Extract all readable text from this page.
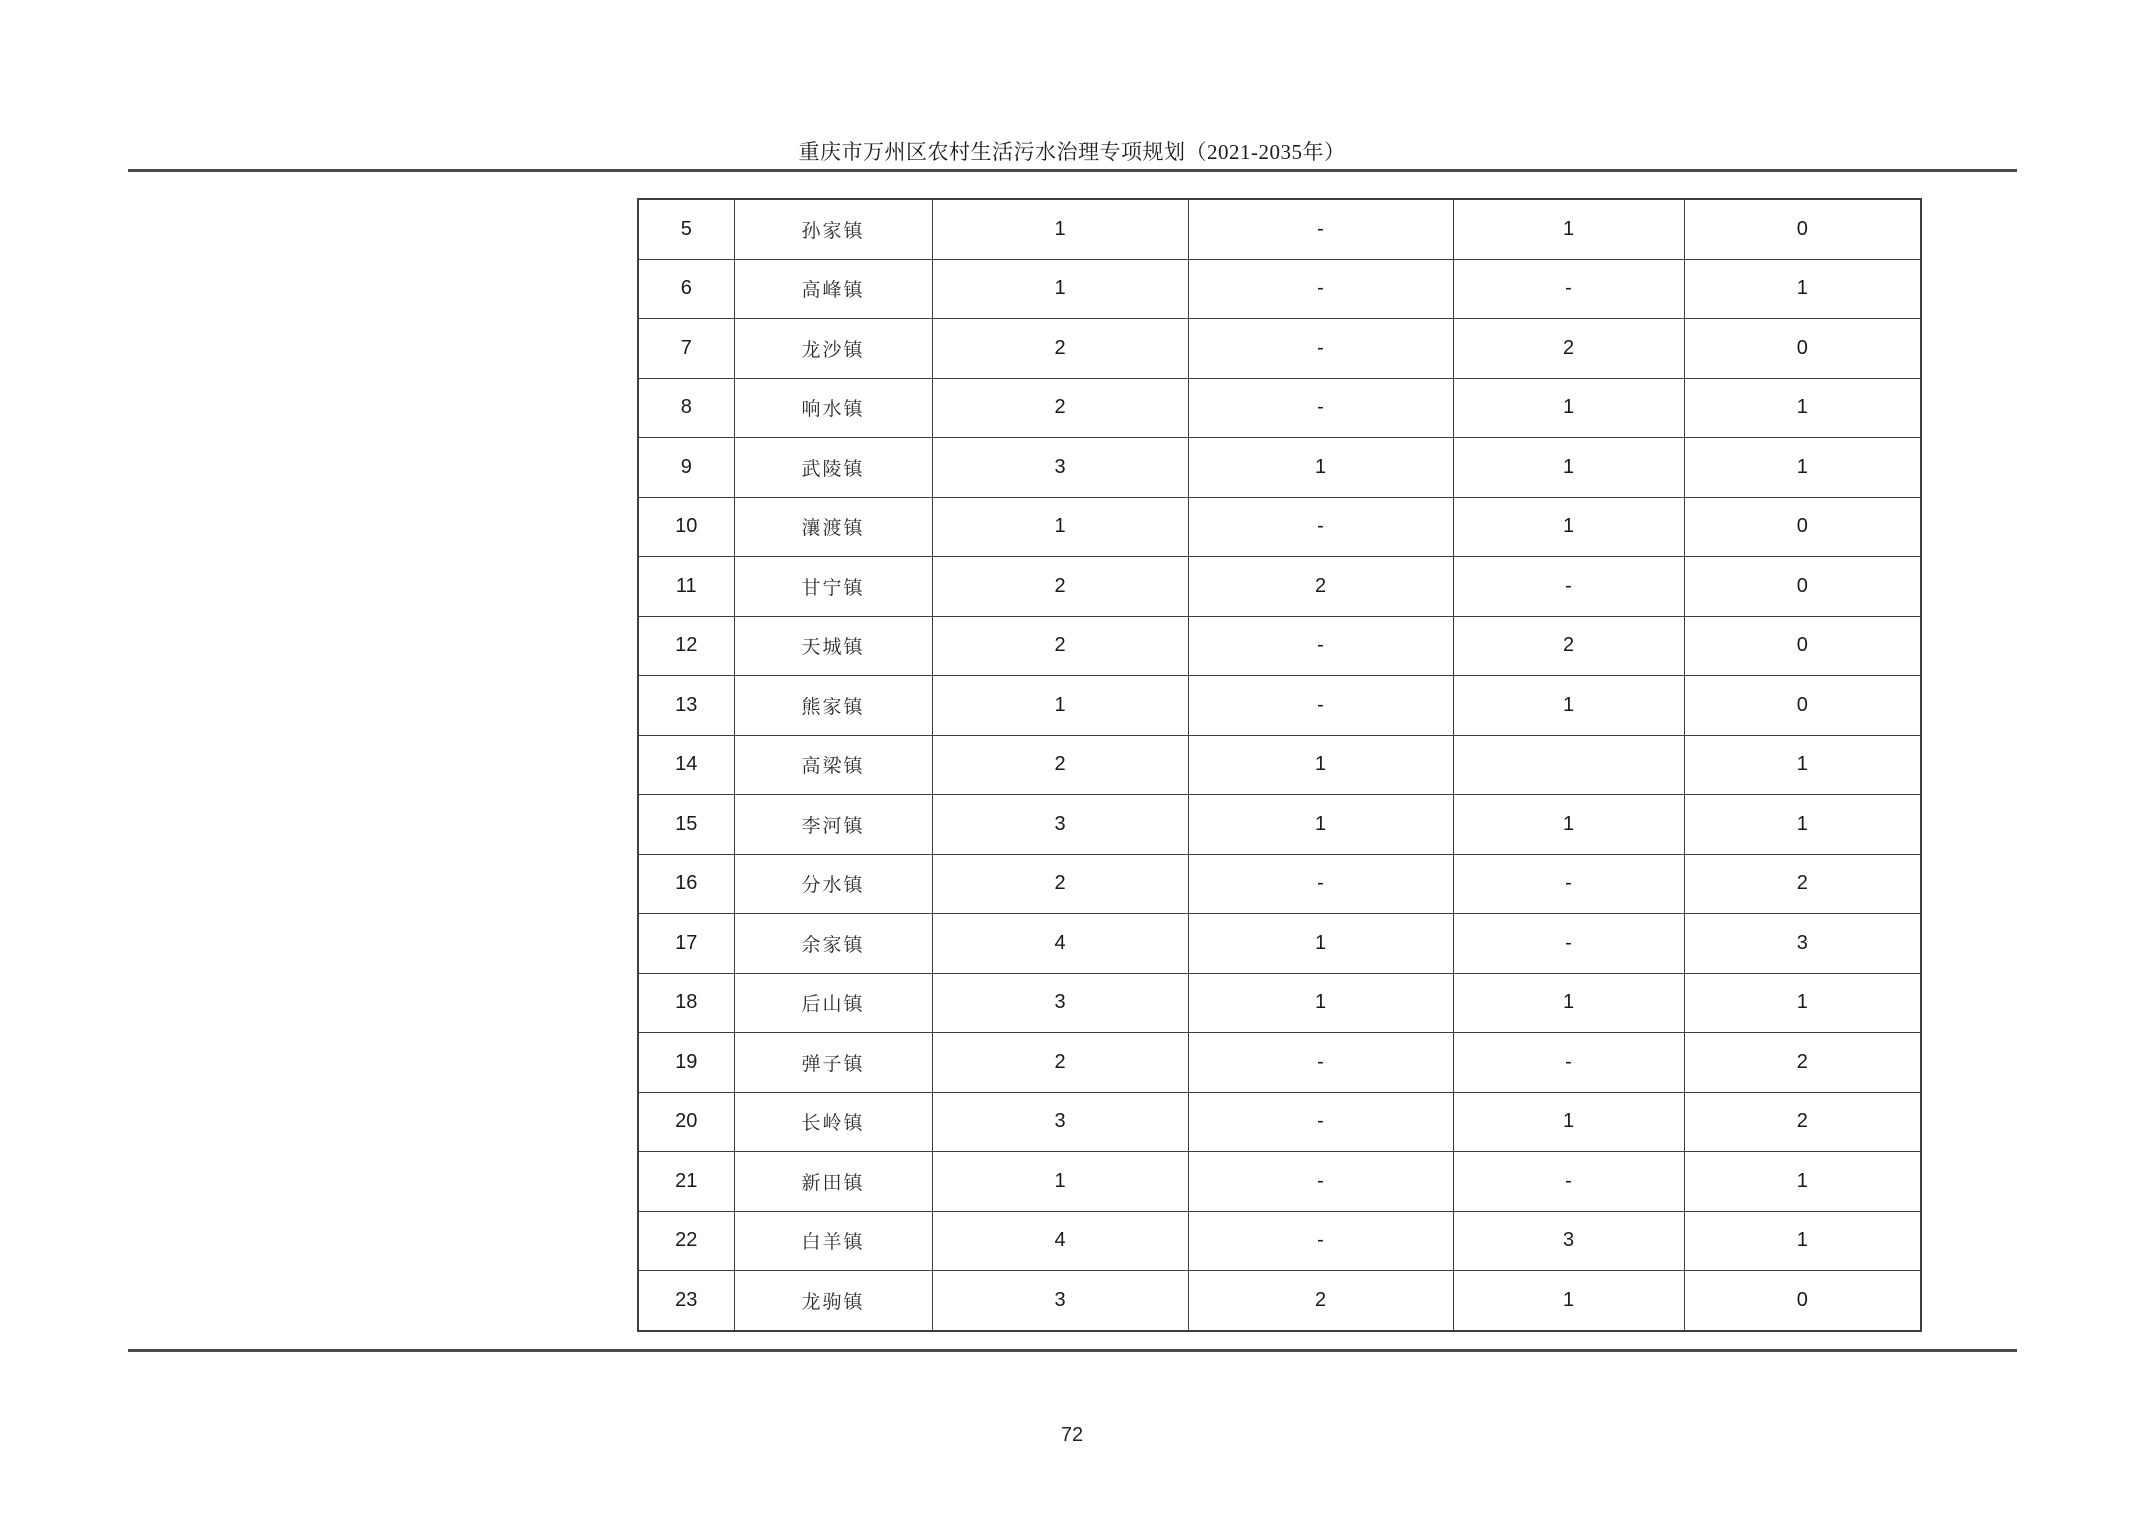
重庆市万州区农村生活污水治理专项规划（2021-2035年）
5	孙家镇	1	-	1	0
6	高峰镇	1	-	-	1
7	龙沙镇	2	-	2	0
8	响水镇	2	-	1	1
9	武陵镇	3	1	1	1
10	瀼渡镇	1	-	1	0
11	甘宁镇	2	2	-	0
12	天城镇	2	-	2	0
13	熊家镇	1	-	1	0
14	高梁镇	2	1		1
15	李河镇	3	1	1	1
16	分水镇	2	-	-	2
17	余家镇	4	1	-	3
18	后山镇	3	1	1	1
19	弹子镇	2	-	-	2
20	长岭镇	3	-	1	2
21	新田镇	1	-	-	1
22	白羊镇	4	-	3	1
23	龙驹镇	3	2	1	0
72
